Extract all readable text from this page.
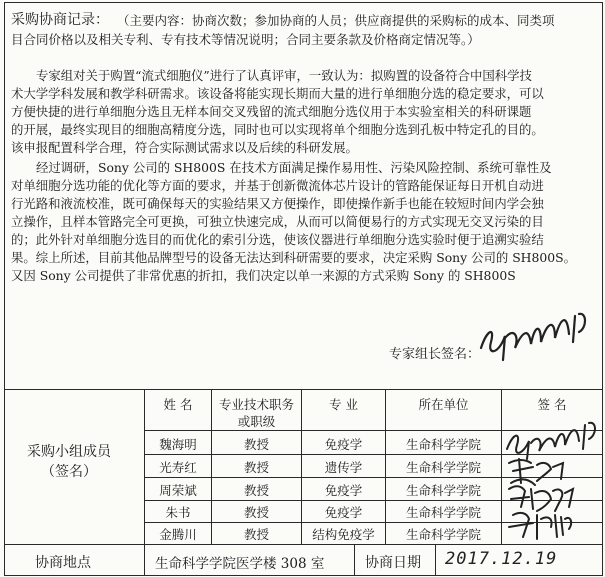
采购协商记录： （主要内容：协商次数；参加协商的人员；供应商提供的采购标的成本、同类项
目合同价格以及相关专利、专有技术等情况说明；合同主要条款及价格商定情况等。）
专家组对关于购置“流式细胞仪”进行了认真评审，一致认为：拟购置的设备符合中国科学技
术大学学科发展和教学科研需求。该设备将能实现长期而大量的进行单细胞分选的稳定要求，可以
方便快捷的进行单细胞分选且无样本间交叉残留的流式细胞分选仪用于本实验室相关的科研课题
的开展，最终实现目的细胞高精度分选，同时也可以实现将单个细胞分选到孔板中特定孔的目的。
该申报配置科学合理，符合实际测试需求以及后续的科研发展。
经过调研，Sony 公司的 SH800S 在技术方面满足操作易用性、污染风险控制、系统可靠性及
对单细胞分选功能的优化等方面的要求，并基于创新微流体芯片设计的管路能保证每日开机自动进
行光路和液流校准，既可确保每天的实验结果又方便操作，即使操作新手也能在较短时间内学会独
立操作，且样本管路完全可更换，可独立快速完成，从而可以简便易行的方式实现无交叉污染的目
的；此外针对单细胞分选目的而优化的索引分选，使该仪器进行单细胞分选实验时便于追溯实验结
果。综上所述，目前其他品牌型号的设备无法达到科研需要的要求，决定采购 Sony 公司的 SH800S。
又因 Sony 公司提供了非常优惠的折扣，我们决定以单一来源的方式采购 Sony 的 SH800S
专家组长签名：
采购小组成员
（签名）
姓 名	专业技术职务
或职级
专 业	所在单位	签 名
魏海明	教授	免疫学	生命科学学院
光寿红	教授	遗传学	生命科学学院
周荣斌	教授	免疫学	生命科学学院
朱书	教授	免疫学	生命科学学院
金腾川	教授	结构免疫学	生命科学学院
协商地点	生命科学学院医学楼 308 室	协商日期 2017.12.19
